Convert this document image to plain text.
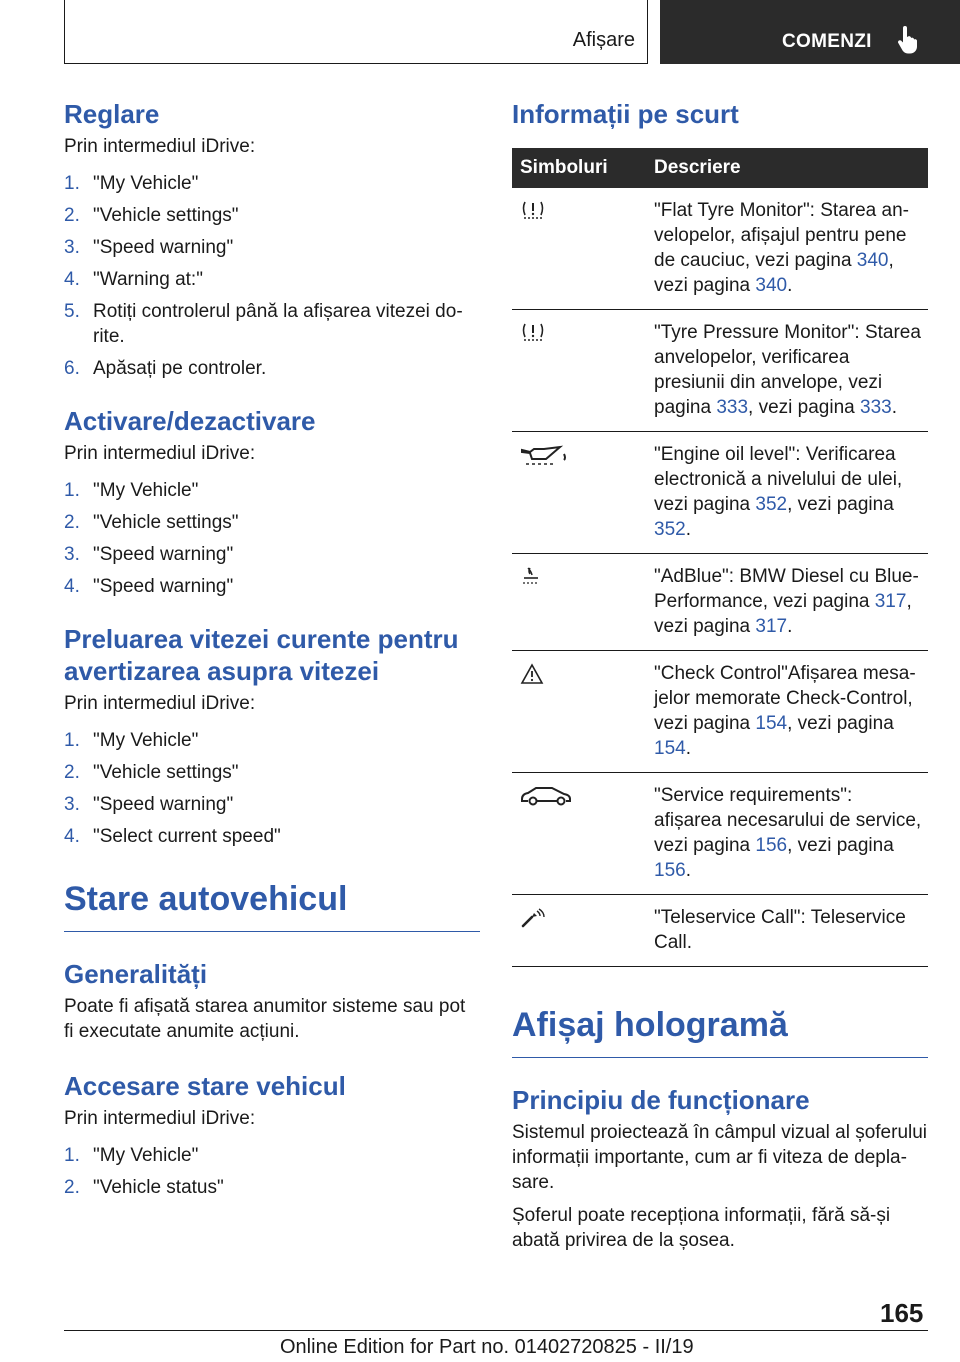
Afișare	COMENZI
Reglare

Prin intermediul iDrive:

1. "My Vehicle"
2. "Vehicle settings"
3. "Speed warning"
4. "Warning at:"
5. Rotiți controlerul până la afișarea vitezei dorite.
6. Apăsați pe controler.
Activare/dezactivare

Prin intermediul iDrive:

1. "My Vehicle"
2. "Vehicle settings"
3. "Speed warning"
4. "Speed warning"
Preluarea vitezei curente pentru avertizarea asupra vitezei

Prin intermediul iDrive:

1. "My Vehicle"
2. "Vehicle settings"
3. "Speed warning"
4. "Select current speed"
Stare autovehicul
Generalități

Poate fi afișată starea anumitor sisteme sau pot fi executate anumite acțiuni.

Accesare stare vehicul

Prin intermediul iDrive:

1. "My Vehicle"
2. "Vehicle status"
Informații pe scurt
Simboluri	Descriere
	"Flat Tyre Monitor": Starea anvelopelor, afișajul pentru pene de cauciuc, vezi pagina 340, vezi pagina 340.
	"Tyre Pressure Monitor": Starea anvelopelor, verificarea presiunii din anvelope, vezi pagina 333, vezi pagina 333.
	"Engine oil level": Verificarea electronică a nivelului de ulei, vezi pagina 352, vezi pagina 352.
	"AdBlue": BMW Diesel cu BluePerformance, vezi pagina 317, vezi pagina 317.
	"Check Control"Afișarea mesajelor memorate Check-Control, vezi pagina 154, vezi pagina 154.
	"Service requirements": afișarea necesarului de service, vezi pagina 156, vezi pagina 156.
	"Teleservice Call": Teleservice Call.
Afișaj hologramă
Principiu de funcționare

Sistemul proiectează în câmpul vizual al șoferului informații importante, cum ar fi viteza de deplasare.

Șoferul poate recepționa informații, fără să-și abată privirea de la șosea.

165
Online Edition for Part no. 01402720825 - II/19
